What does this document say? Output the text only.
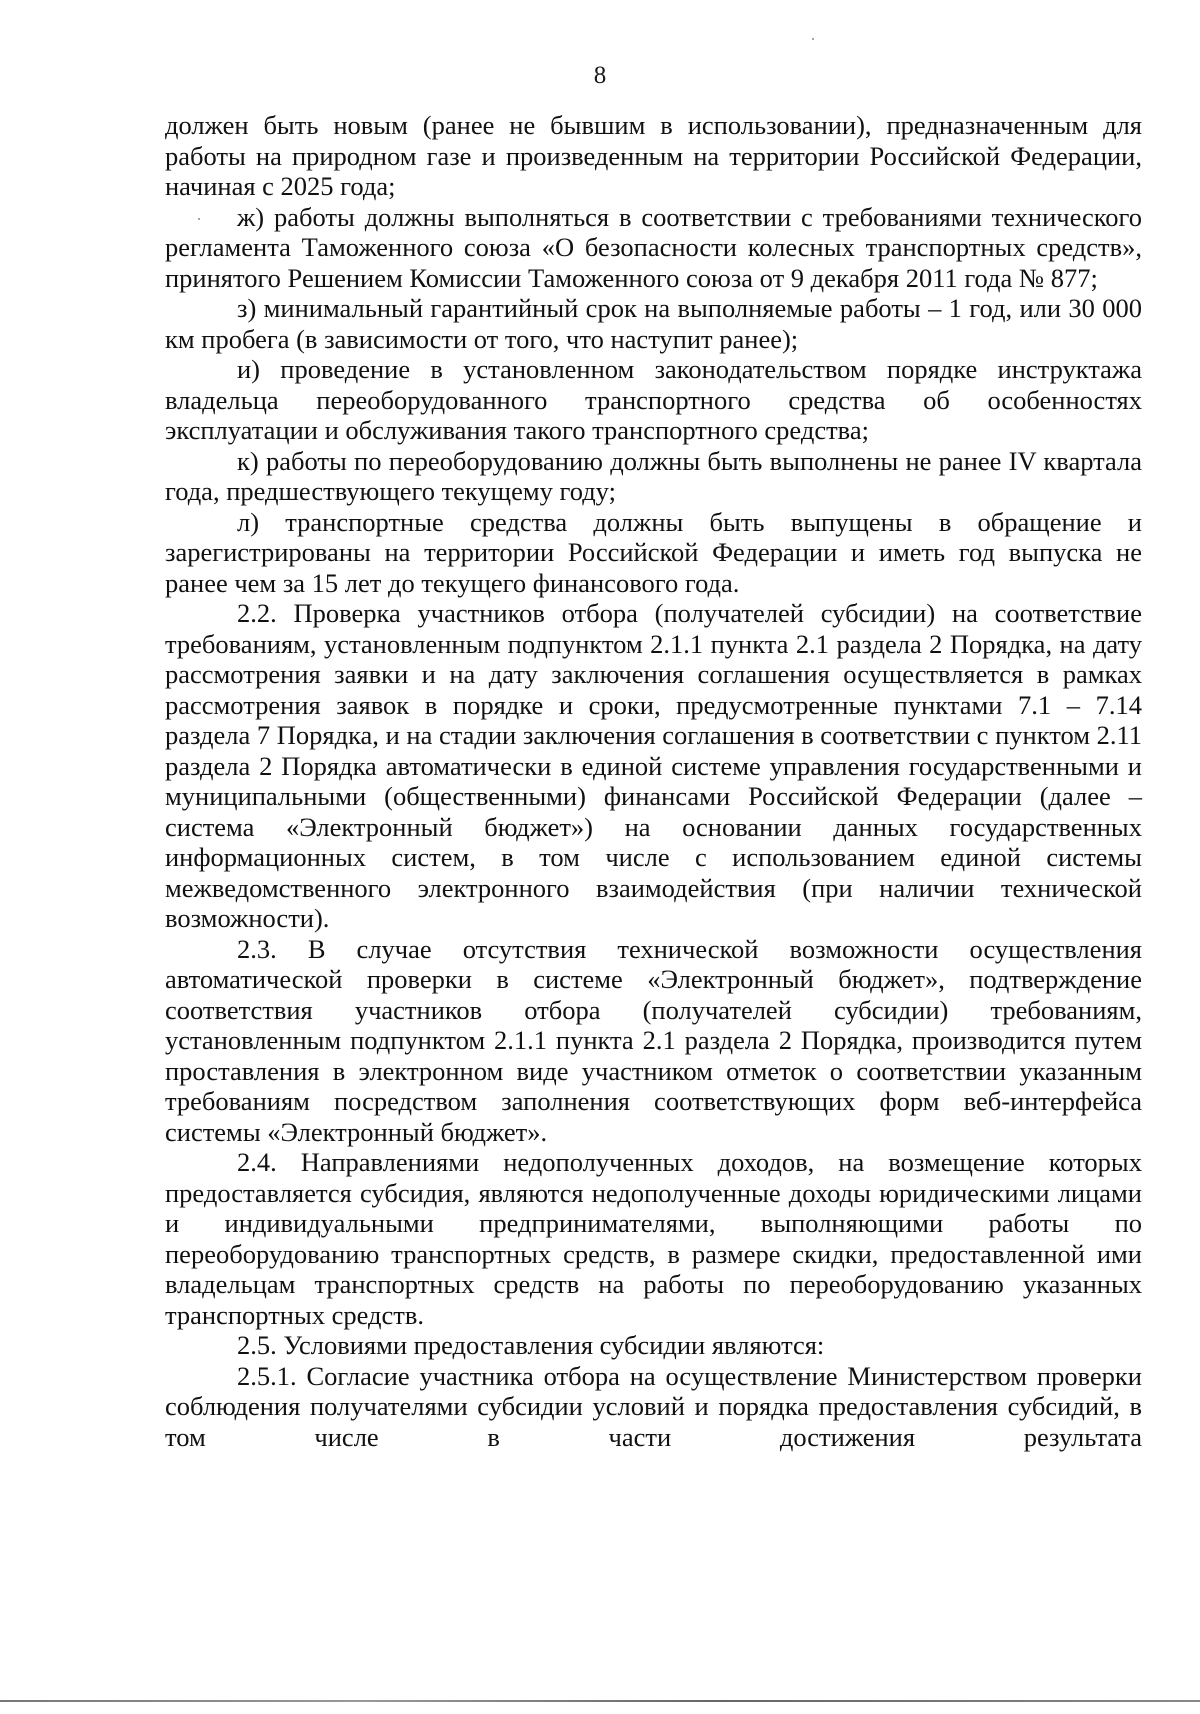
8

должен быть новым (ранее не бывшим в использовании), предназначенным для работы на природном газе и произведенным на территории Российской Федерации, начиная с 2025 года;

ж) работы должны выполняться в соответствии с требованиями технического регламента Таможенного союза «О безопасности колесных транспортных средств», принятого Решением Комиссии Таможенного союза от 9 декабря 2011 года № 877;

з) минимальный гарантийный срок на выполняемые работы – 1 год, или 30 000 км пробега (в зависимости от того, что наступит ранее);

и) проведение в установленном законодательством порядке инструктажа владельца переоборудованного транспортного средства об особенностях эксплуатации и обслуживания такого транспортного средства;

к) работы по переоборудованию должны быть выполнены не ранее IV квартала года, предшествующего текущему году;

л) транспортные средства должны быть выпущены в обращение и зарегистрированы на территории Российской Федерации и иметь год выпуска не ранее чем за 15 лет до текущего финансового года.

2.2. Проверка участников отбора (получателей субсидии) на соответствие требованиям, установленным подпунктом 2.1.1 пункта 2.1 раздела 2 Порядка, на дату рассмотрения заявки и на дату заключения соглашения осуществляется в рамках рассмотрения заявок в порядке и сроки, предусмотренные пунктами 7.1 – 7.14 раздела 7 Порядка, и на стадии заключения соглашения в соответствии с пунктом 2.11 раздела 2 Порядка автоматически в единой системе управления государственными и муниципальными (общественными) финансами Российской Федерации (далее – система «Электронный бюджет») на основании данных государственных информационных систем, в том числе с использованием единой системы межведомственного электронного взаимодействия (при наличии технической возможности).

2.3. В случае отсутствия технической возможности осуществления автоматической проверки в системе «Электронный бюджет», подтверждение соответствия участников отбора (получателей субсидии) требованиям, установленным подпунктом 2.1.1 пункта 2.1 раздела 2 Порядка, производится путем проставления в электронном виде участником отметок о соответствии указанным требованиям посредством заполнения соответствующих форм веб-интерфейса системы «Электронный бюджет».

2.4. Направлениями недополученных доходов, на возмещение которых предоставляется субсидия, являются недополученные доходы юридическими лицами и индивидуальными предпринимателями, выполняющими работы по переоборудованию транспортных средств, в размере скидки, предоставленной ими владельцам транспортных средств на работы по переоборудованию указанных транспортных средств.

2.5. Условиями предоставления субсидии являются:

2.5.1. Согласие участника отбора на осуществление Министерством проверки соблюдения получателями субсидии условий и порядка предоставления субсидий, в том числе в части достижения результата
